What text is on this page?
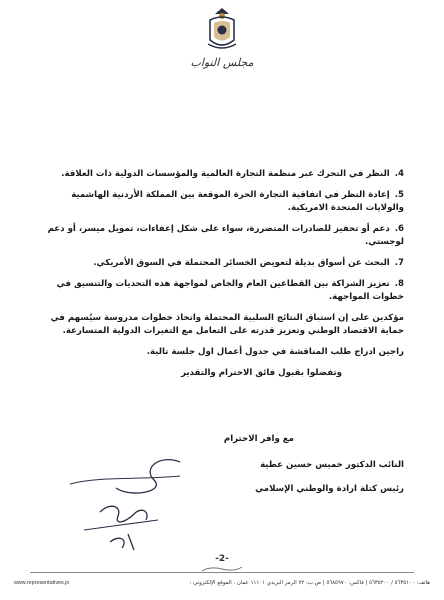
مجلس النواب
4. النظر في التحرك عبر منظمة التجارة العالمية والمؤسسات الدولية ذات العلاقة.
5. إعادة النظر في اتفاقية التجارة الحرة الموقعة بين المملكة الأردنية الهاشمية والولايات المتحدة الامريكية.
6. دعم أو تحفيز للصادرات المتضررة، سواء على شكل إعفاءات، تمويل ميسر، أو دعم لوجستي.
7. البحث عن أسواق بديلة لتعويض الخسائر المحتملة في السوق الأمريكي.
8. تعزيز الشراكة بين القطاعين العام والخاص لمواجهة هذه التحديات والتنسيق في خطوات المواجهة.
مؤكدين على إن استباق النتائج السلبية المحتملة واتخاذ خطوات مدروسة سيُسهم في حماية الاقتصاد الوطني وتعزيز قدرته على التعامل مع التغيرات الدولية المتسارعة.
راجين ادراج طلب المناقشة في جدول أعمال اول جلسة تالية.
وتفضلوا بقبول فائق الاحترام والتقدير
مع وافر الاحترام
النائب الدكتور خميس حسين عطية
رئيس كتلة ارادة والوطني الإسلامي
-2-
هاتف: ٥٦٣٥١٠٠ / ٥٦٣٥٢٠٠ | فاكس: ٥٦٨٥٩٧٠ | ص.ب: ٧٢ الرمز البريدي ١١١٠١ عمان . الموقع الإلكتروني :
www.representatives.jo
